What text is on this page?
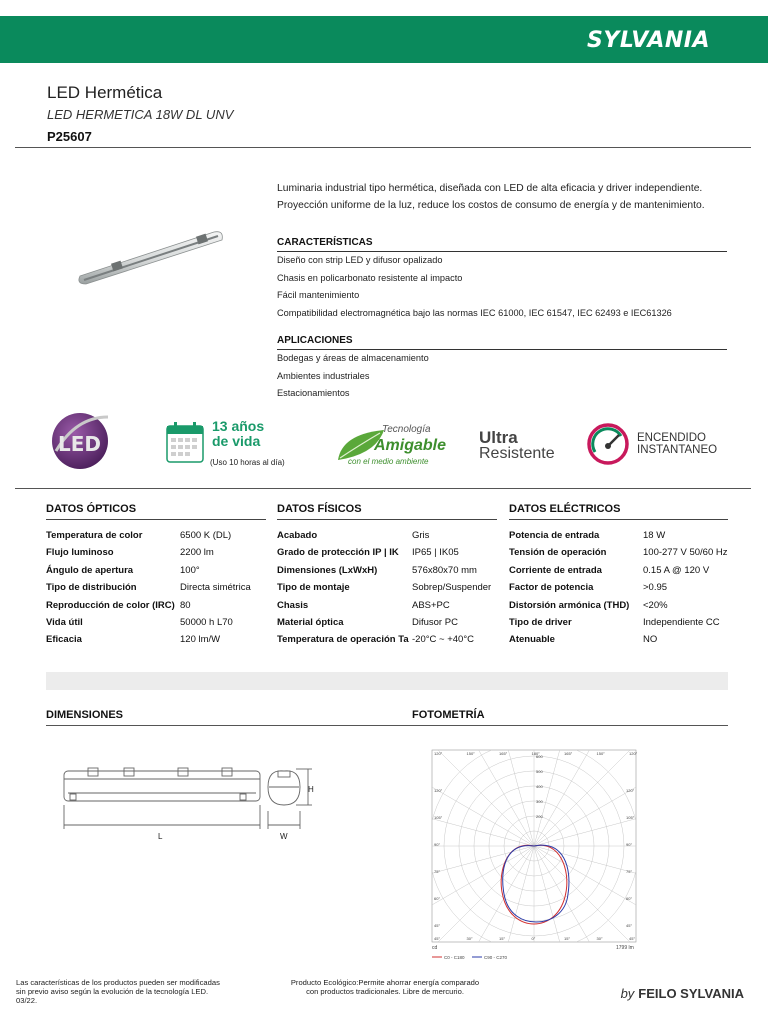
SYLVANIA
LED Hermética
LED HERMETICA 18W DL UNV
P25607
Luminaria industrial tipo hermética, diseñada con LED de alta eficacia y driver independiente. Proyección uniforme de la luz, reduce los costos de consumo de energía y de mantenimiento.
CARACTERÍSTICAS
Diseño con strip LED y difusor opalizado
Chasis en policarbonato resistente al impacto
Fácil mantenimiento
Compatibilidad electromagnética bajo las normas IEC 61000, IEC 61547, IEC 62493 e IEC61326
APLICACIONES
Bodegas y áreas de almacenamiento
Ambientes industriales
Estacionamientos
LED
13 años
de vida
(Uso 10 horas al día)
Tecnología
Amigable
con el medio ambiente
Ultra
Resistente
ENCENDIDO
INSTANTANEO
DATOS ÓPTICOS
Temperatura de color	6500 K (DL)
Flujo luminoso	2200 lm
Ángulo de apertura	100°
Tipo de distribución	Directa simétrica
Reproducción de color (IRC) 80
Vida útil	50000 h L70
Eficacia	120 lm/W
DATOS FÍSICOS
Acabado	Gris
Grado de protección IP | IK IP65 | IK05
Dimensiones (LxWxH)	576x80x70 mm
Tipo de montaje	Sobrep/Suspender
Chasis	ABS+PC
Material óptica	Difusor PC
Temperatura de operación Ta -20°C ~ +40°C
DATOS ELÉCTRICOS
Potencia de entrada	18 W
Tensión de operación	100-277 V 50/60 Hz
Corriente de entrada	0.15 A @ 120 V
Factor de potencia	>0.95
Distorsión armónica (THD) <20%
Tipo de driver	Independiente CC
Atenuable	NO
DIMENSIONES	FOTOMETRÍA
L	W
H
600
500
400
300
200
120°	150°	165°	180°	165°	150°	120°
45°	30°	15°	0°	15°	30°	45°
120°
105°
90°
75°
60°
45°
120°
105°
90°
75°
60°
45°
cd	1799 lm
C0 - C180	C90 - C270
Las características de los productos pueden ser modificadas sin previo aviso según la evolución de la tecnología LED. 03/22.
Producto Ecológico:Permite ahorrar energía comparado con productos tradicionales. Libre de mercurio.	by FEILO SYLVANIA
